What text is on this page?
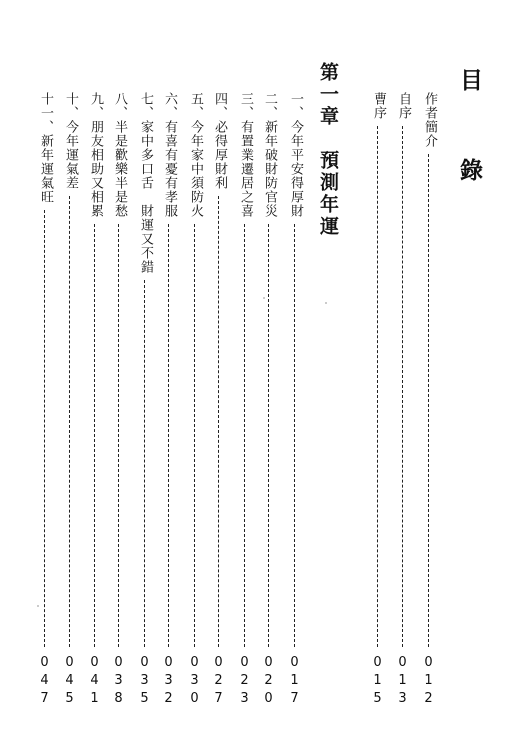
目 錄
第一章預測年運
作者簡介
012
自序
013
曹序
015
一、今年平安得厚財
017
二、新年破財防官災
020
三、有置業遷居之喜
023
四、必得厚財利
027
五、今年家中須防火
030
六、有喜有憂有孝服
032
七、家中多口舌　財運又不錯
035
八、半是歡樂半是愁
038
九、朋友相助又相累
041
十、今年運氣差
045
十一、新年運氣旺
047
